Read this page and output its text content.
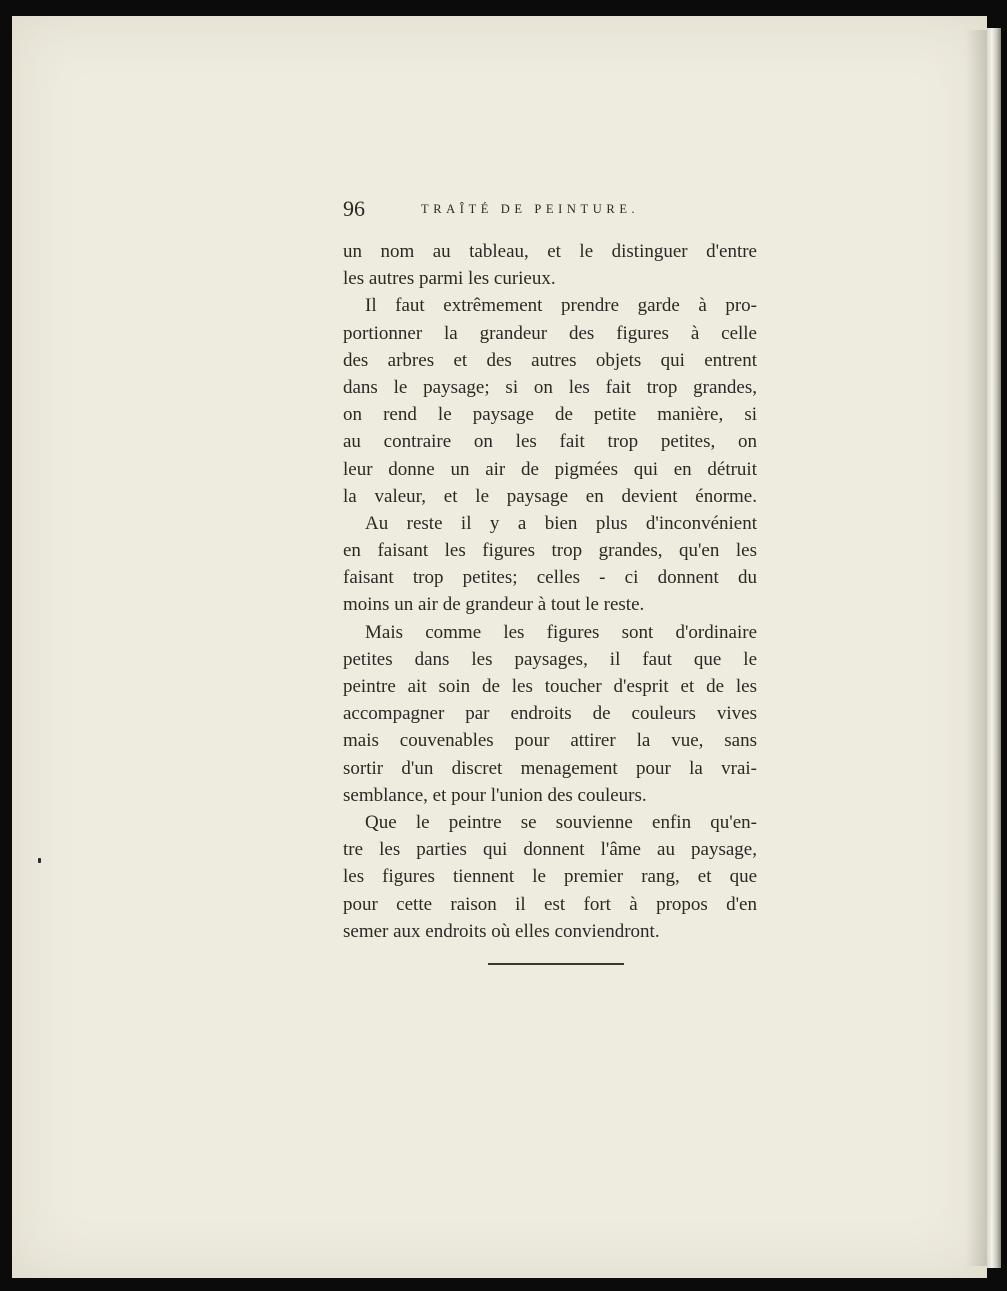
96	TRAÎTÉ DE PEINTURE.
un nom au tableau, et le distinguer d'entre
les autres parmi les curieux.
Il faut extrêmement prendre garde à pro-
portionner la grandeur des figures à celle
des arbres et des autres objets qui entrent
dans le paysage; si on les fait trop grandes,
on rend le paysage de petite manière, si
au contraire on les fait trop petites, on
leur donne un air de pigmées qui en détruit
la valeur, et le paysage en devient énorme.
Au reste il y a bien plus d'inconvénient
en faisant les figures trop grandes, qu'en les
faisant trop petites; celles - ci donnent du
moins un air de grandeur à tout le reste.
Mais comme les figures sont d'ordinaire
petites dans les paysages, il faut que le
peintre ait soin de les toucher d'esprit et de les
accompagner par endroits de couleurs vives
mais couvenables pour attirer la vue, sans
sortir d'un discret menagement pour la vrai-
semblance, et pour l'union des couleurs.
Que le peintre se souvienne enfin qu'en-
tre les parties qui donnent l'âme au paysage,
les figures tiennent le premier rang, et que
pour cette raison il est fort à propos d'en
semer aux endroits où elles conviendront.
